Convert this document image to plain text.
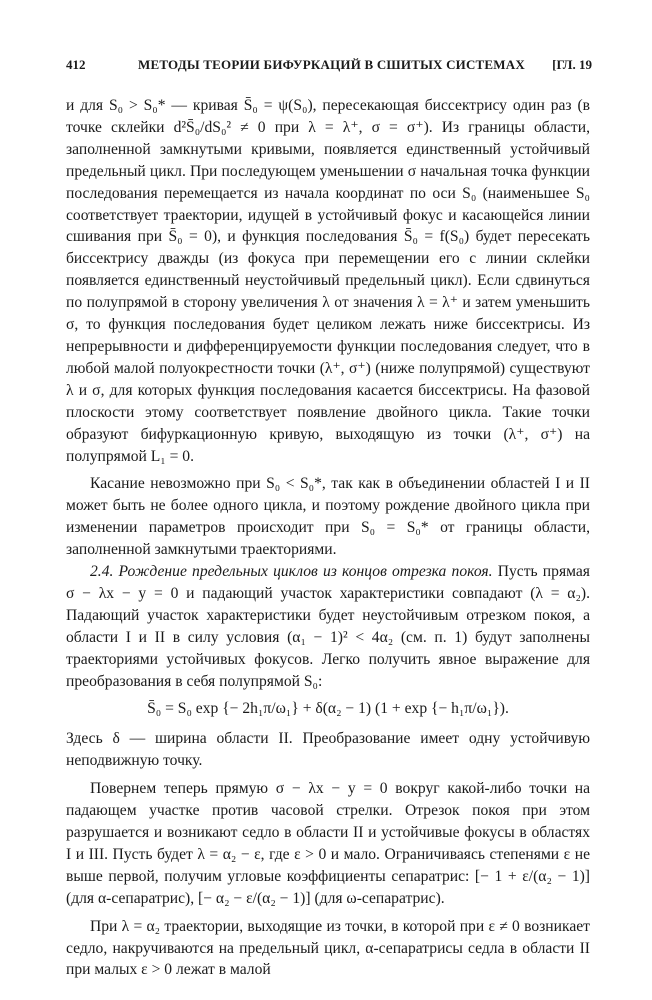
412	МЕТОДЫ ТЕОРИИ БИФУРКАЦИЙ В СШИТЫХ СИСТЕМАХ [ГЛ. 19

и для S₀ > S₀* — кривая S̄₀ = ψ(S₀), пересекающая биссектрису один раз (в точке склейки d²S̄₀/dS₀² ≠ 0 при λ = λ⁺, σ = σ⁺). Из границы области, заполненной замкнутыми кривыми, появляется единственный устойчивый предельный цикл. При последующем уменьшении σ начальная точка функции последования перемещается из начала координат по оси S₀ (наименьшее S₀ соответствует траектории, идущей в устойчивый фокус и касающейся линии сшивания при S̄₀ = 0), и функция последования S̄₀ = f(S₀) будет пересекать биссектрису дважды (из фокуса при перемещении его с линии склейки появляется единственный неустойчивый предельный цикл). Если сдвинуться по полупрямой в сторону увеличения λ от значения λ = λ⁺ и затем уменьшить σ, то функция последования будет целиком лежать ниже биссектрисы. Из непрерывности и дифференцируемости функции последования следует, что в любой малой полуокрестности точки (λ⁺, σ⁺) (ниже полупрямой) существуют λ и σ, для которых функция последования касается биссектрисы. На фазовой плоскости этому соответствует появление двойного цикла. Такие точки образуют бифуркационную кривую, выходящую из точки (λ⁺, σ⁺) на полупрямой L₁ = 0.

Касание невозможно при S₀ < S₀*, так как в объединении областей I и II может быть не более одного цикла, и поэтому рождение двойного цикла при изменении параметров происходит при S₀ = S₀* от границы области, заполненной замкнутыми траекториями.

2.4. Рождение предельных циклов из концов отрезка покоя. Пусть прямая σ − λx − y = 0 и падающий участок характеристики совпадают (λ = α₂). Падающий участок характеристики будет неустойчивым отрезком покоя, а области I и II в силу условия (α₁ − 1)² < 4α₂ (см. п. 1) будут заполнены траекториями устойчивых фокусов. Легко получить явное выражение для преобразования в себя полупрямой S₀:

S̄₀ = S₀ exp {− 2h₁π/ω₁} + δ(α₂ − 1) (1 + exp {− h₁π/ω₁}).

Здесь δ — ширина области II. Преобразование имеет одну устойчивую неподвижную точку.

Повернем теперь прямую σ − λx − y = 0 вокруг какой-либо точки на падающем участке против часовой стрелки. Отрезок покоя при этом разрушается и возникают седло в области II и устойчивые фокусы в областях I и III. Пусть будет λ = α₂ − ε, где ε > 0 и мало. Ограничиваясь степенями ε не выше первой, получим угловые коэффициенты сепаратрис: [− 1 + ε/(α₂ − 1)] (для α-сепаратрис), [− α₂ − ε/(α₂ − 1)] (для ω-сепаратрис).

При λ = α₂ траектории, выходящие из точки, в которой при ε ≠ 0 возникает седло, накручиваются на предельный цикл, α-сепаратрисы седла в области II при малых ε > 0 лежат в малой
